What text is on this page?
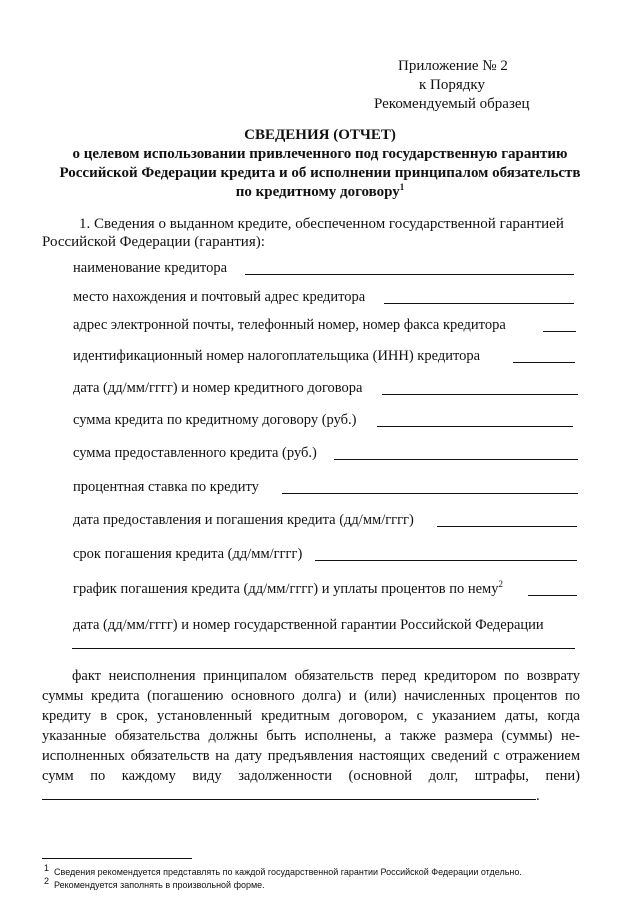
Приложение № 2
к Порядку
Рекомендуемый образец
СВЕДЕНИЯ (ОТЧЕТ)
о целевом использовании привлеченного под государственную гарантию
Российской Федерации кредита и об исполнении принципалом обязательств
по кредитному договору$^1$
1. Сведения о выданном кредите, обеспеченном государственной гарантией
Российской Федерации (гарантия):
наименование кредитора
место нахождения и почтовый адрес кредитора
адрес электронной почты, телефонный номер, номер факса кредитора
идентификационный номер налогоплательщика (ИНН) кредитора
дата (дд/мм/гггг) и номер кредитного договора
сумма кредита по кредитному договору (руб.)
сумма предоставленного кредита (руб.)
процентная ставка по кредиту
дата предоставления и погашения кредита (дд/мм/гггг)
срок погашения кредита (дд/мм/гггг)
график погашения кредита (дд/мм/гггг) и уплаты процентов по нему$^2$
дата (дд/мм/гггг) и номер государственной гарантии Российской Федерации
факт неисполнения принципалом обязательств перед кредитором по возврату суммы кредита (погашению основного долга) и (или) начисленных процентов по кредиту в срок, установленный кредитным договором, с указанием даты, когда указанные обязательства должны быть исполнены, а также размера (суммы) не-исполненных обязательств на дату предъявления настоящих сведений с отражением сумм по каждому виду задолженности (основной долг, штрафы, пени).
$^1$ Сведения рекомендуется представлять по каждой государственной гарантии Российской Федерации отдельно.
$^2$ Рекомендуется заполнять в произвольной форме.
